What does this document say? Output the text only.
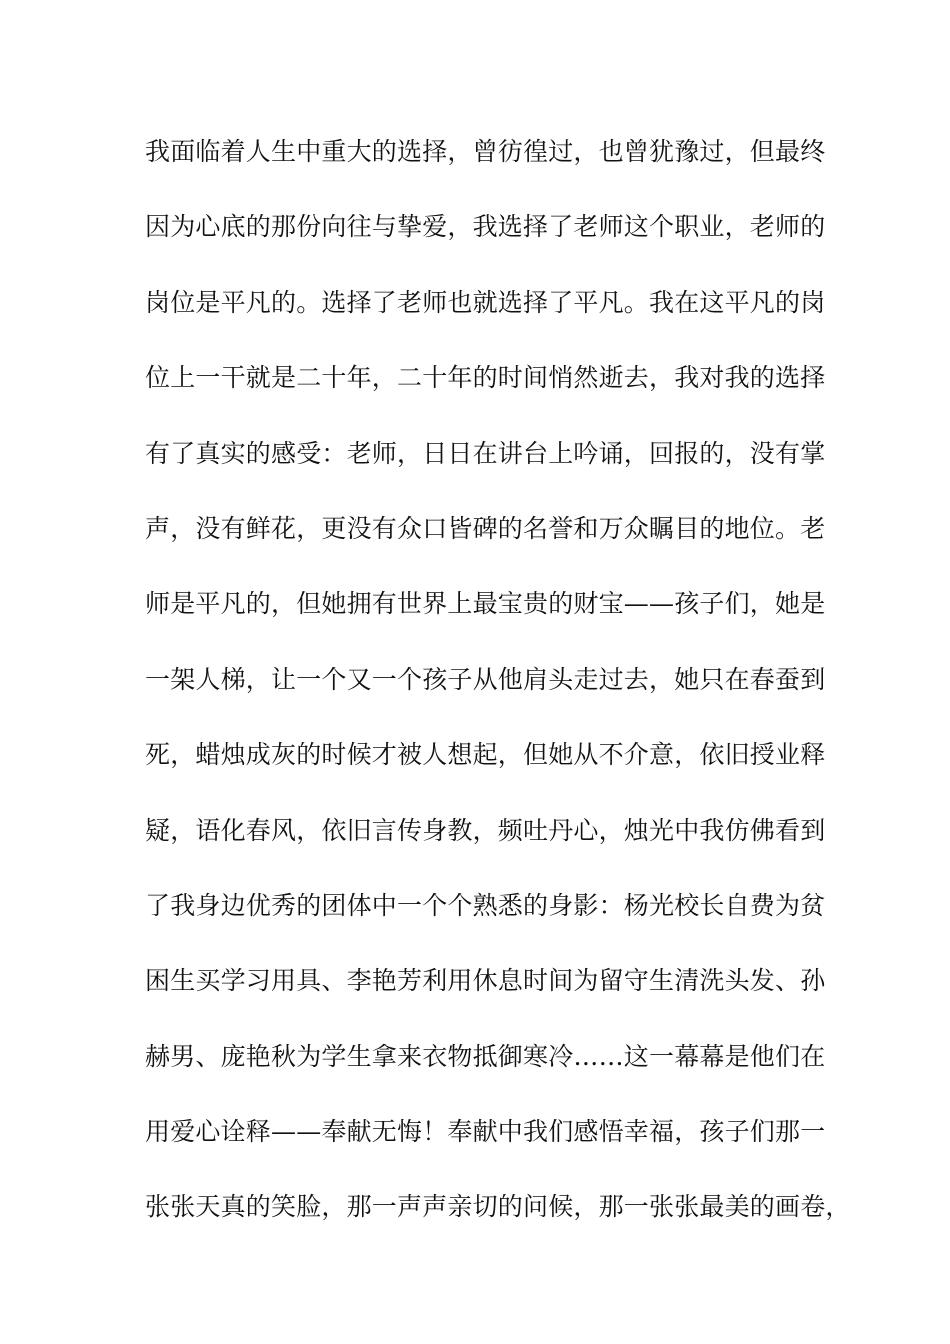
我面临着人生中重大的选择，曾彷徨过，也曾犹豫过，但最终
因为心底的那份向往与挚爱，我选择了老师这个职业，老师的
岗位是平凡的。选择了老师也就选择了平凡。我在这平凡的岗
位上一干就是二十年，二十年的时间悄然逝去，我对我的选择
有了真实的感受：老师，日日在讲台上吟诵，回报的，没有掌
声，没有鲜花，更没有众口皆碑的名誉和万众瞩目的地位。老
师是平凡的，但她拥有世界上最宝贵的财宝——孩子们，她是
一架人梯，让一个又一个孩子从他肩头走过去，她只在春蚕到
死，蜡烛成灰的时候才被人想起，但她从不介意，依旧授业释
疑，语化春风，依旧言传身教，频吐丹心，烛光中我仿佛看到
了我身边优秀的团体中一个个熟悉的身影：杨光校长自费为贫
困生买学习用具、李艳芳利用休息时间为留守生清洗头发、孙
赫男、庞艳秋为学生拿来衣物抵御寒冷……这一幕幕是他们在
用爱心诠释——奉献无悔！奉献中我们感悟幸福，孩子们那一
张张天真的笑脸，那一声声亲切的问候，那一张张最美的画卷，
